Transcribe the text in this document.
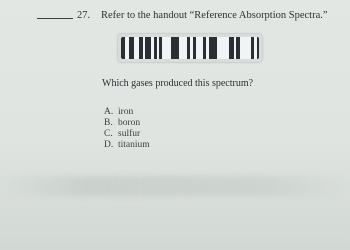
27. Refer to the handout “Reference Absorption Spectra.”
Which gases produced this spectrum?
A. iron
B. boron
C. sulfur
D. titanium
